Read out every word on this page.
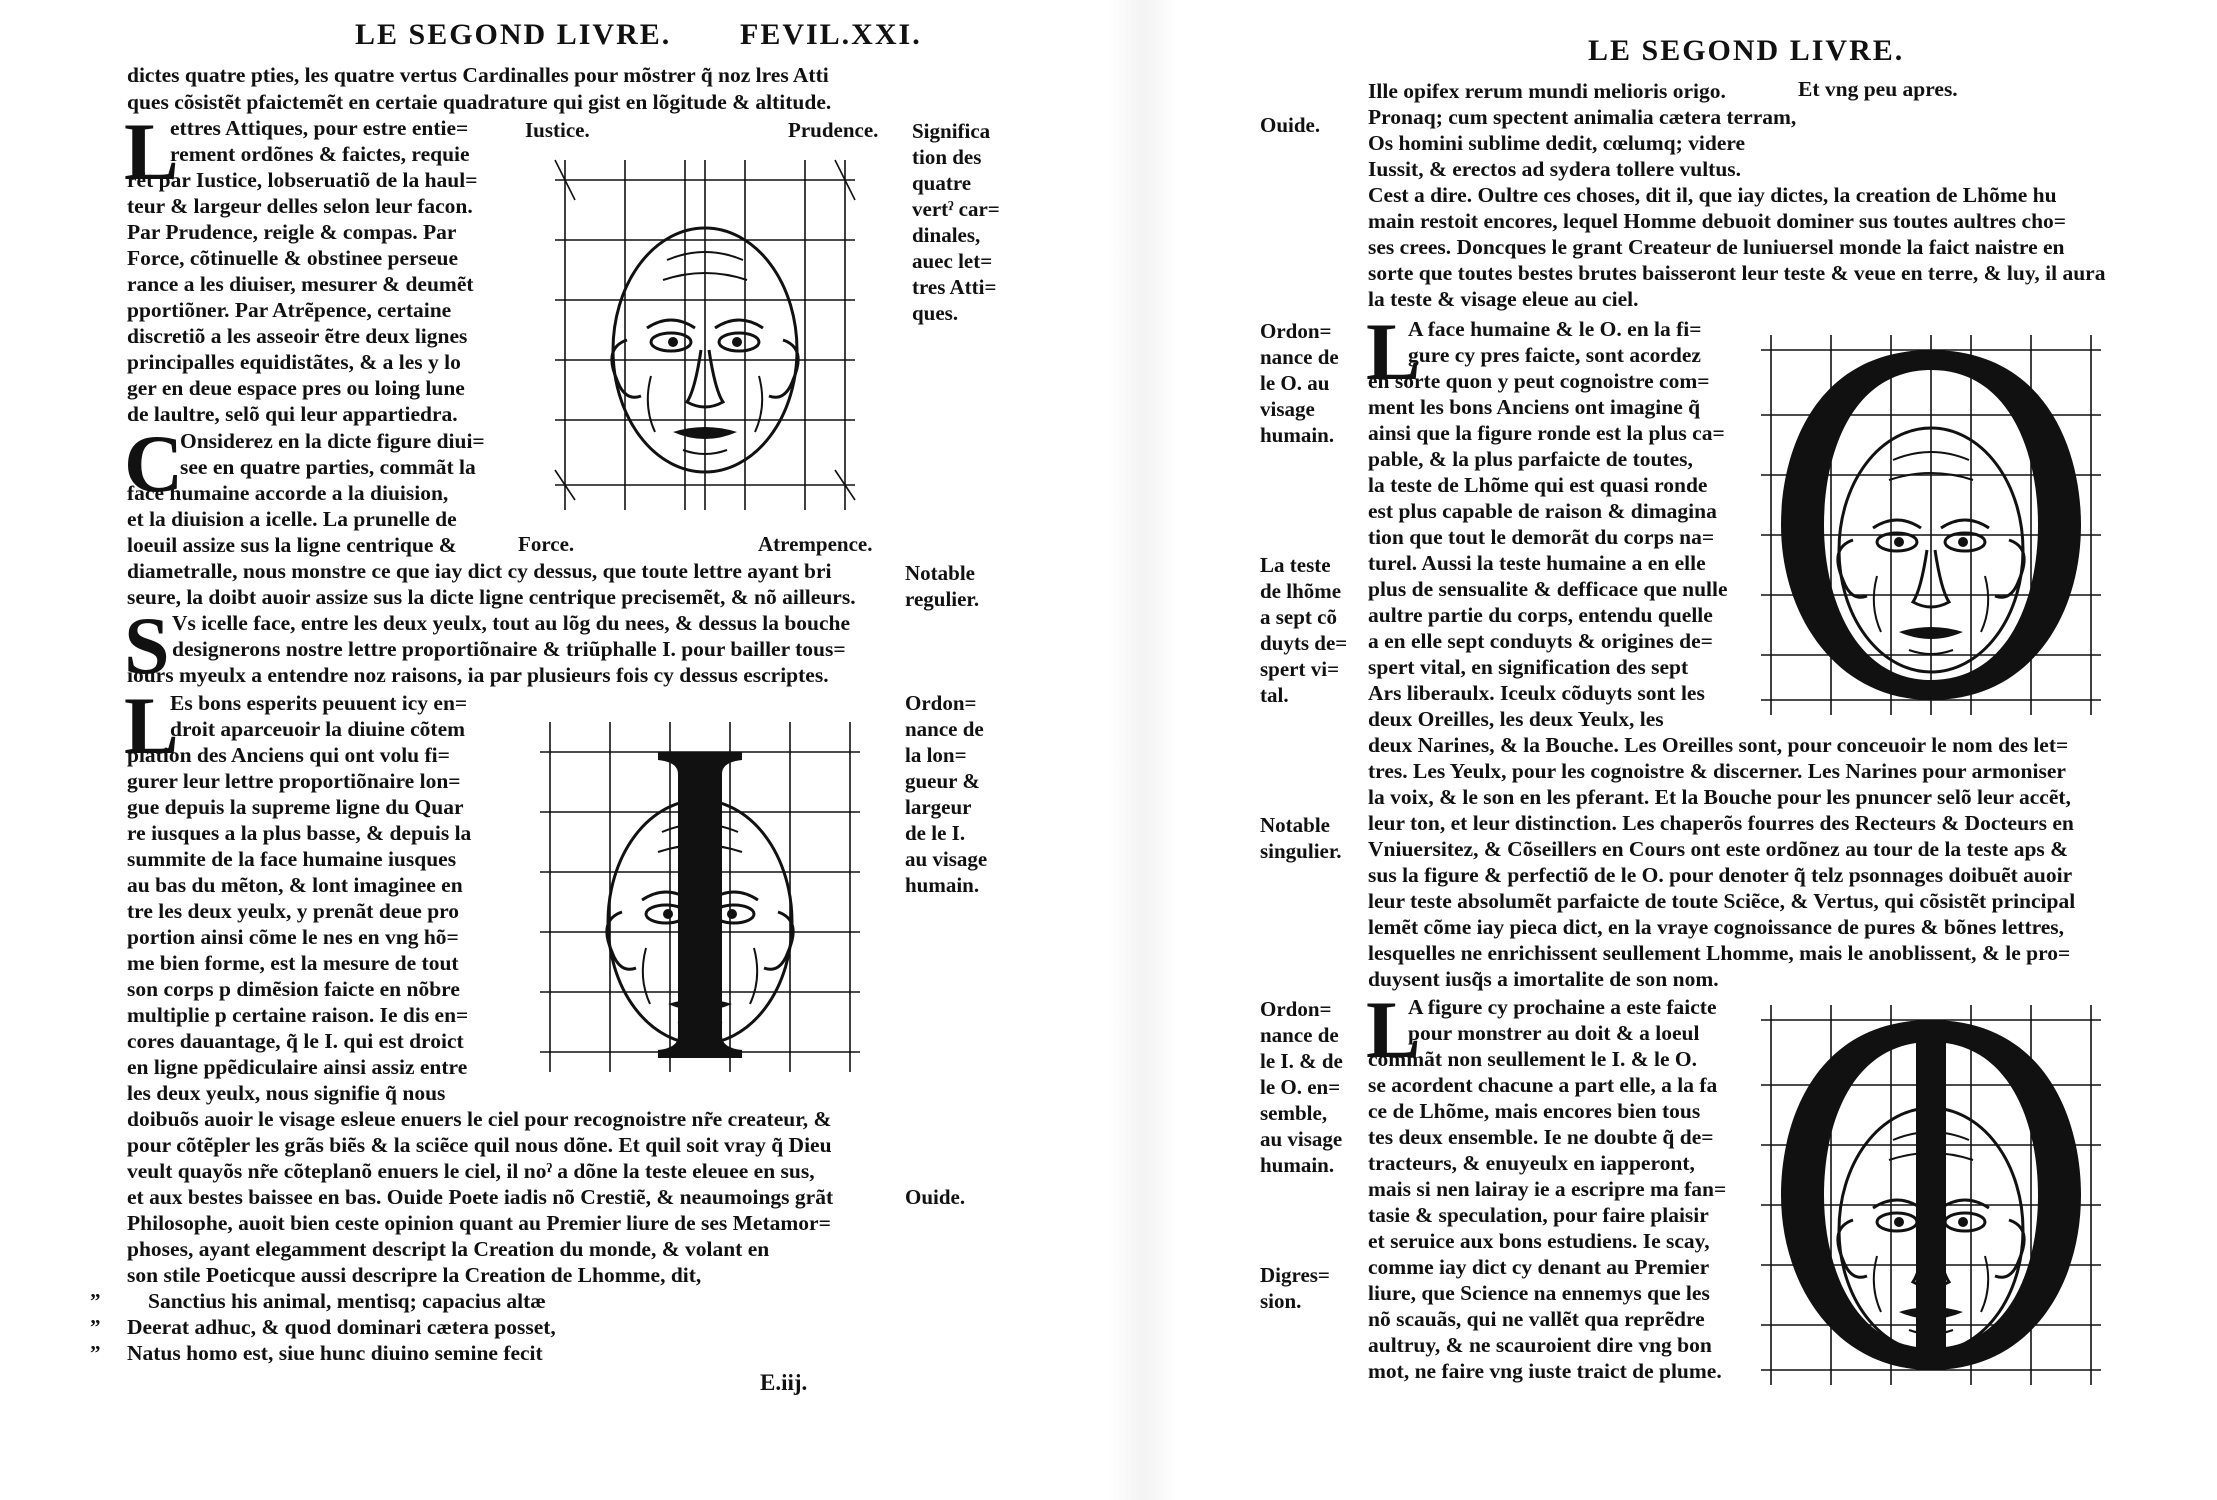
LE SEGOND LIVRE. FEVIL.XXI.
dictes quatre pties, les quatre vertus Cardinalles pour mõstrer q̃ noz lres Atti
ques cõsistẽt pfaictemẽt en certaie quadrature qui gist en lõgitude & altitude.
L
ettres Attiques, pour estre entie=
rement ordõnes & faictes, requie
rẽt par Iustice, lobseruatiõ de la haul=
teur & largeur delles selon leur facon.
Par Prudence, reigle & compas. Par
Force, cõtinuelle & obstinee perseue
rance a les diuiser, mesurer & deumẽt
pportiõner. Par Atrẽpence, certaine
discretiõ a les asseoir ẽtre deux lignes
principalles equidistãtes, & a les y lo
ger en deue espace pres ou loing lune
de laultre, selõ qui leur appartiedra.
C
Onsiderez en la dicte figure diui=
see en quatre parties, commãt la
face humaine accorde a la diuision,
et la diuision a icelle. La prunelle de
loeuil assize sus la ligne centrique &
diametralle, nous monstre ce que iay dict cy dessus, que toute lettre ayant bri
seure, la doibt auoir assize sus la dicte ligne centrique precisemẽt, & nõ ailleurs.
S Vs icelle face, entre les deux yeulx, tout au lõg du nees, & dessus la bouche
designerons nostre lettre proportiõnaire & triũphalle I. pour bailler tous=
iours myeulx a entendre noz raisons, ia par plusieurs fois cy dessus escriptes.
L
Es bons esperits peuuent icy en=
droit aparceuoir la diuine cõtem
plation des Anciens qui ont volu fi=
gurer leur lettre proportiõnaire lon=
gue depuis la supreme ligne du Quar
re iusques a la plus basse, & depuis la
summite de la face humaine iusques
au bas du mẽton, & lont imaginee en
tre les deux yeulx, y prenãt deue pro
portion ainsi cõme le nes en vng hõ=
me bien forme, est la mesure de tout
son corps p dimẽsion faicte en nõbre
multiplie p certaine raison. Ie dis en=
cores dauantage, q̃ le I. qui est droict
en ligne ppẽdiculaire ainsi assiz entre
les deux yeulx, nous signifie q̃ nous
doibuõs auoir le visage esleue enuers le ciel pour recognoistre nr̃e createur, &
pour cõtẽpler les grãs biẽs & la sciẽce quil nous dõne. Et quil soit vray q̃ Dieu
veult quayõs nr̃e cõteplanõ enuers le ciel, il noˀ a dõne la teste eleuee en sus,
et aux bestes baissee en bas. Ouide Poete iadis nõ Crestiẽ, & neaumoings grãt
Philosophe, auoit bien ceste opinion quant au Premier liure de ses Metamor=
phoses, ayant elegamment descript la Creation du monde, & volant en
son stile Poeticque aussi descripre la Creation de Lhomme, dit,
” Sanctius his animal, mentisq; capacius altæ
” Deerat adhuc, & quod dominari cætera posset,
” Natus homo est, siue hunc diuino semine fecit
E.iij.
Significa
tion des
quatre
vertˀ car=
dinales,
auec let=
tres Atti=
ques.
Notable
regulier.
Ordon=
nance de
la lon=
gueur &
largeur
de le I.
au visage
humain.
Ouide.
Iustice.	Prudence.
Force.	Atrempence.
LE SEGOND LIVRE.
Ille opifex rerum mundi melioris origo.	Et vng peu apres.
Pronaq; cum spectent animalia cætera terram,
Os homini sublime dedit, cœlumq; videre
Iussit, & erectos ad sydera tollere vultus.
Cest a dire. Oultre ces choses, dit il, que iay dictes, la creation de Lhõme hu
main restoit encores, lequel Homme debuoit dominer sus toutes aultres cho=
ses crees. Doncques le grant Createur de luniuersel monde la faict naistre en
sorte que toutes bestes brutes baisseront leur teste & veue en terre, & luy, il aura
la teste & visage eleue au ciel.
L
A face humaine & le O. en la fi=
gure cy pres faicte, sont acordez
en sorte quon y peut cognoistre com=
ment les bons Anciens ont imagine q̃
ainsi que la figure ronde est la plus ca=
pable, & la plus parfaicte de toutes,
la teste de Lhõme qui est quasi ronde
est plus capable de raison & dimagina
tion que tout le demorãt du corps na=
turel. Aussi la teste humaine a en elle
plus de sensualite & defficace que nulle
aultre partie du corps, entendu quelle
a en elle sept conduyts & origines de=
spert vital, en signification des sept
Ars liberaulx. Iceulx cõduyts sont les
deux Oreilles, les deux Yeulx, les
deux Narines, & la Bouche. Les Oreilles sont, pour conceuoir le nom des let=
tres. Les Yeulx, pour les cognoistre & discerner. Les Narines pour armoniser
la voix, & le son en les pferant. Et la Bouche pour les pnuncer selõ leur accẽt,
leur ton, et leur distinction. Les chaperõs fourres des Recteurs & Docteurs en
Vniuersitez, & Cõseillers en Cours ont este ordõnez au tour de la teste aps &
sus la figure & perfectiõ de le O. pour denoter q̃ telz psonnages doibuẽt auoir
leur teste absolumẽt parfaicte de toute Sciẽce, & Vertus, qui cõsistẽt principal
lemẽt cõme iay pieca dict, en la vraye cognoissance de pures & bõnes lettres,
lesquelles ne enrichissent seullement Lhomme, mais le anoblissent, & le pro=
duysent iusq̃s a imortalite de son nom.
L
A figure cy prochaine a este faicte
pour monstrer au doit & a loeul
commãt non seullement le I. & le O.
se acordent chacune a part elle, a la fa
ce de Lhõme, mais encores bien tous
tes deux ensemble. Ie ne doubte q̃ de=
tracteurs, & enuyeulx en iapperont,
mais si nen lairay ie a escripre ma fan=
tasie & speculation, pour faire plaisir
et seruice aux bons estudiens. Ie scay,
comme iay dict cy denant au Premier
liure, que Science na ennemys que les
nõ scauãs, qui ne vallẽt qua reprẽdre
aultruy, & ne scauroient dire vng bon
mot, ne faire vng iuste traict de plume.
Ouide.
Ordon=
nance de
le O. au
visage
humain.
La teste
de lhõme
a sept cõ
duyts de=
spert vi=
tal.
Notable
singulier.
Ordon=
nance de
le I. & de
le O. en=
semble,
au visage
humain.
Digres=
sion.
